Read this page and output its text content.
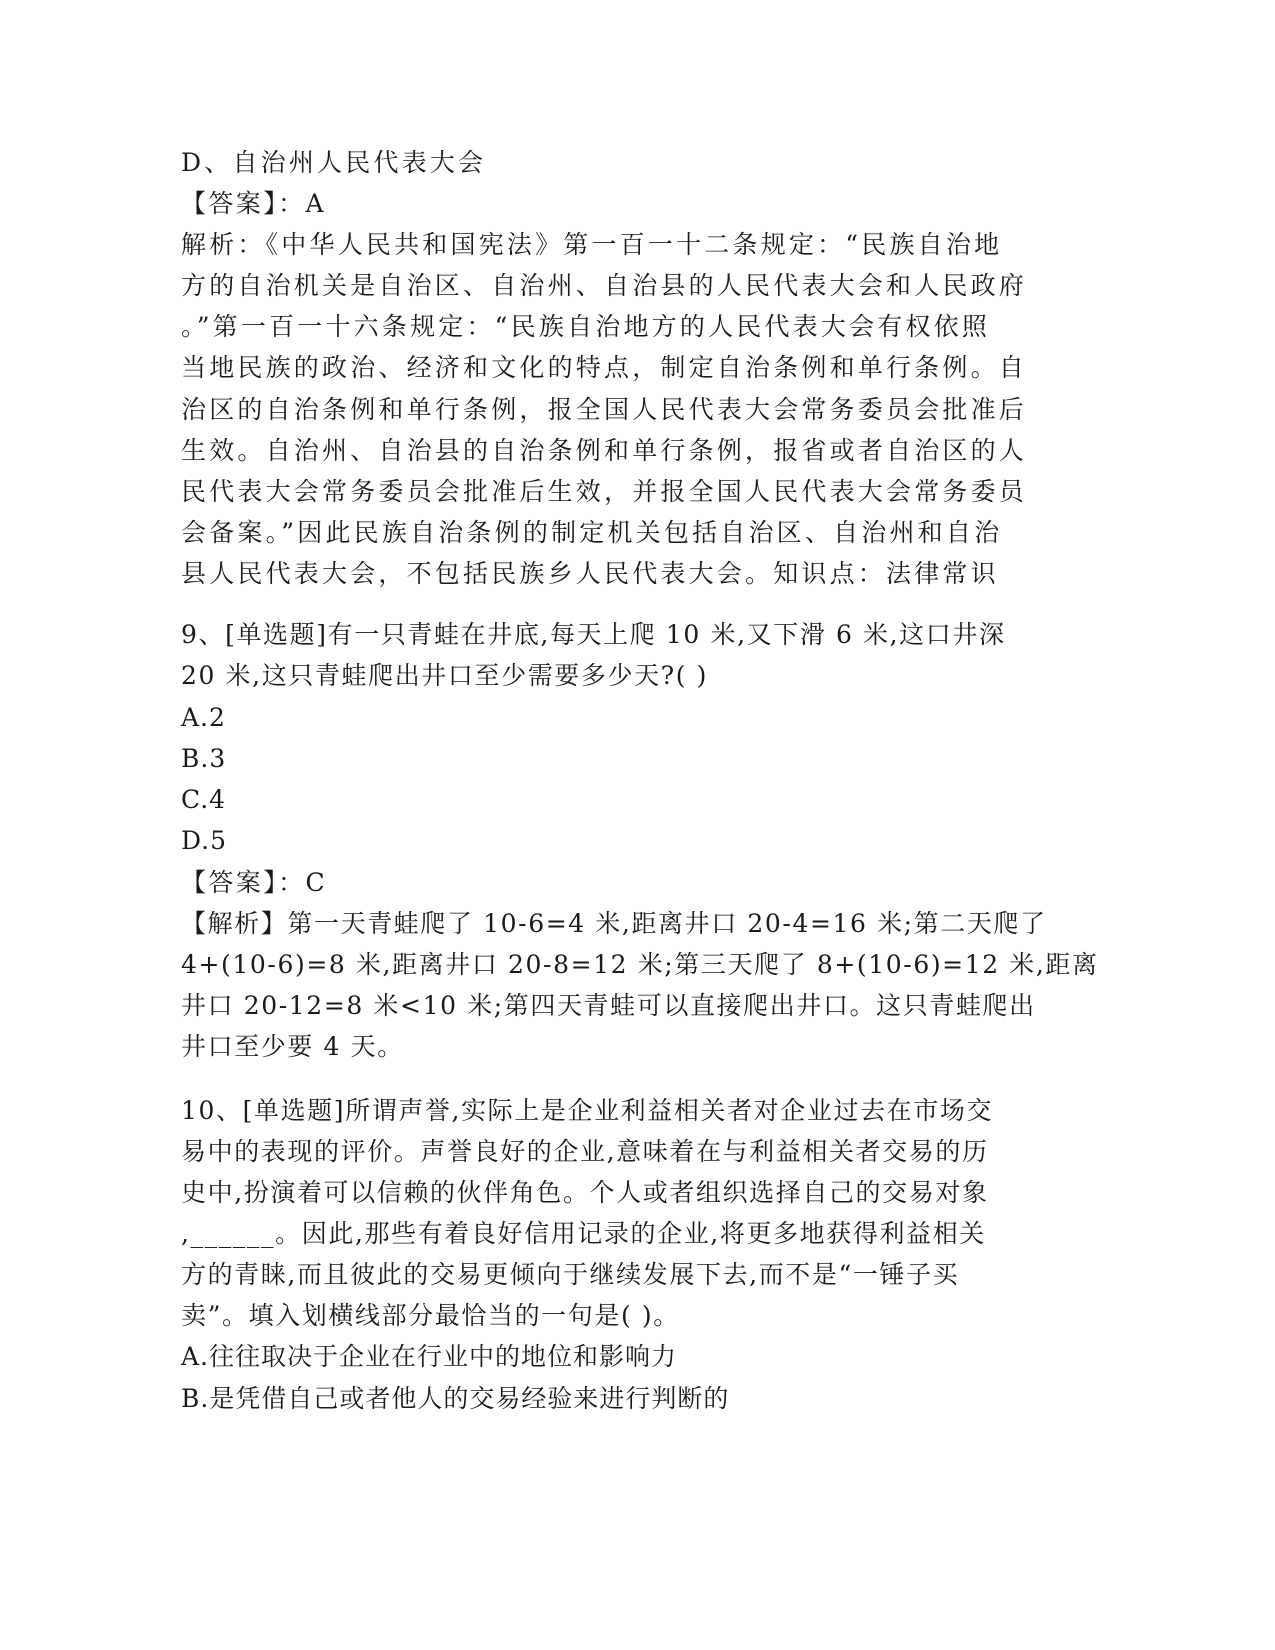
D、自治州人民代表大会
【答案】：A
解析：《中华人民共和国宪法》第一百一十二条规定：“民族自治地
方的自治机关是自治区、自治州、自治县的人民代表大会和人民政府
。”第一百一十六条规定：“民族自治地方的人民代表大会有权依照
当地民族的政治、经济和文化的特点，制定自治条例和单行条例。自
治区的自治条例和单行条例，报全国人民代表大会常务委员会批准后
生效。自治州、自治县的自治条例和单行条例，报省或者自治区的人
民代表大会常务委员会批准后生效，并报全国人民代表大会常务委员
会备案。”因此民族自治条例的制定机关包括自治区、自治州和自治
县人民代表大会，不包括民族乡人民代表大会。知识点：法律常识
9、[单选题]有一只青蛙在井底,每天上爬 10 米,又下滑 6 米,这口井深
20 米,这只青蛙爬出井口至少需要多少天?( )
A.2
B.3
C.4
D.5
【答案】：C
【解析】第一天青蛙爬了 10-6=4 米,距离井口 20-4=16 米;第二天爬了
4+(10-6)=8 米,距离井口 20-8=12 米;第三天爬了 8+(10-6)=12 米,距离
井口 20-12=8 米<10 米;第四天青蛙可以直接爬出井口。这只青蛙爬出
井口至少要 4 天。
10、[单选题]所谓声誉,实际上是企业利益相关者对企业过去在市场交
易中的表现的评价。声誉良好的企业,意味着在与利益相关者交易的历
史中,扮演着可以信赖的伙伴角色。个人或者组织选择自己的交易对象
,______。因此,那些有着良好信用记录的企业,将更多地获得利益相关
方的青睐,而且彼此的交易更倾向于继续发展下去,而不是“一锤子买
卖”。填入划横线部分最恰当的一句是( )。
A.往往取决于企业在行业中的地位和影响力
B.是凭借自己或者他人的交易经验来进行判断的
